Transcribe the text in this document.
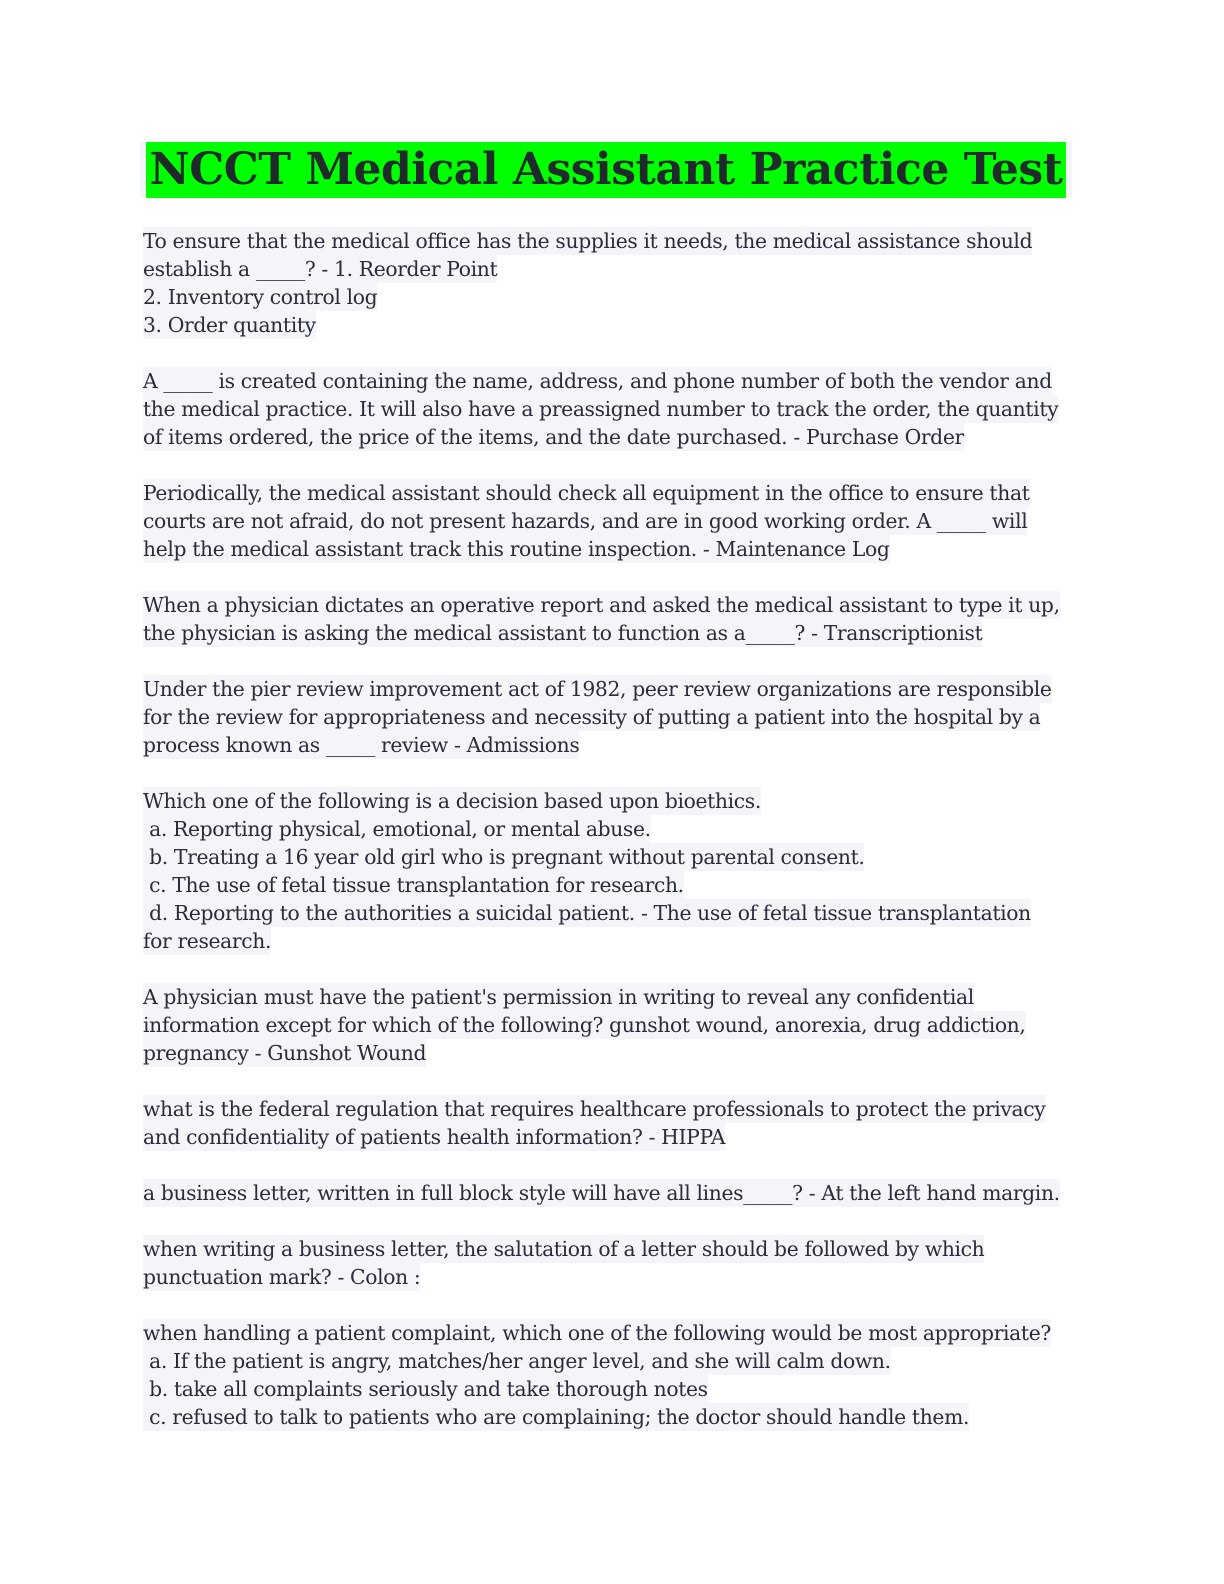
NCCT Medical Assistant Practice Test
To ensure that the medical office has the supplies it needs, the medical assistance should
establish a _____? - 1. Reorder Point
2. Inventory control log
3. Order quantity
A _____ is created containing the name, address, and phone number of both the vendor and
the medical practice. It will also have a preassigned number to track the order, the quantity
of items ordered, the price of the items, and the date purchased. - Purchase Order
Periodically, the medical assistant should check all equipment in the office to ensure that
courts are not afraid, do not present hazards, and are in good working order. A _____ will
help the medical assistant track this routine inspection. - Maintenance Log
When a physician dictates an operative report and asked the medical assistant to type it up,
the physician is asking the medical assistant to function as a_____? - Transcriptionist
Under the pier review improvement act of 1982, peer review organizations are responsible
for the review for appropriateness and necessity of putting a patient into the hospital by a
process known as _____ review - Admissions
Which one of the following is a decision based upon bioethics.
a. Reporting physical, emotional, or mental abuse.
b. Treating a 16 year old girl who is pregnant without parental consent.
c. The use of fetal tissue transplantation for research.
d. Reporting to the authorities a suicidal patient. - The use of fetal tissue transplantation
for research.
A physician must have the patient's permission in writing to reveal any confidential
information except for which of the following? gunshot wound, anorexia, drug addiction,
pregnancy - Gunshot Wound
what is the federal regulation that requires healthcare professionals to protect the privacy
and confidentiality of patients health information? - HIPPA
a business letter, written in full block style will have all lines_____? - At the left hand margin.
when writing a business letter, the salutation of a letter should be followed by which
punctuation mark? - Colon :
when handling a patient complaint, which one of the following would be most appropriate?
a. If the patient is angry, matches/her anger level, and she will calm down.
b. take all complaints seriously and take thorough notes
c. refused to talk to patients who are complaining; the doctor should handle them.
